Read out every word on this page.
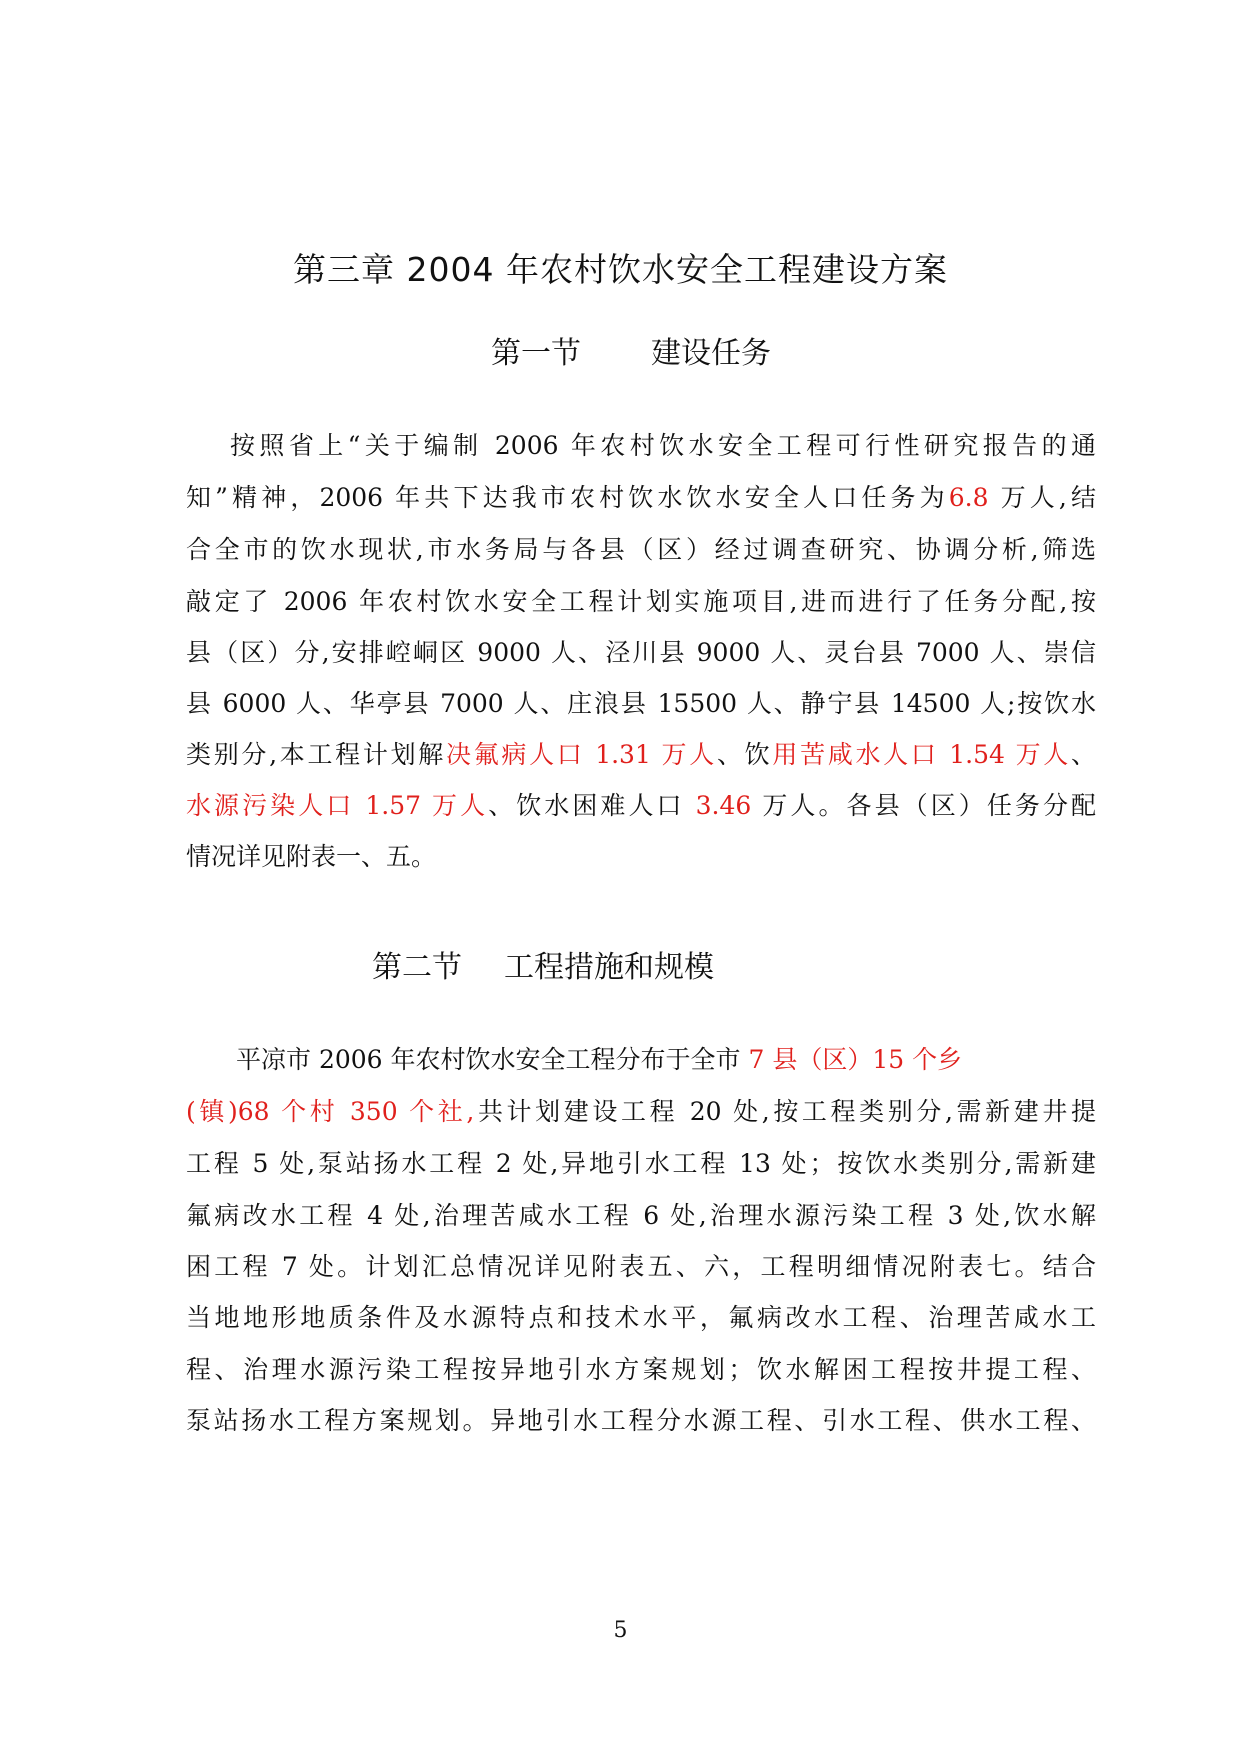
第三章 2004 年农村饮水安全工程建设方案
第一节 建设任务
按照省上“关于编制 2006 年农村饮水安全工程可行性研究报告的通
知”精神，2006 年共下达我市农村饮水饮水安全人口任务为6.8 万人,结
合全市的饮水现状,市水务局与各县（区）经过调查研究、协调分析,筛选
敲定了 2006 年农村饮水安全工程计划实施项目,进而进行了任务分配,按
县（区）分,安排崆峒区 9000 人、泾川县 9000 人、灵台县 7000 人、崇信
县 6000 人、华亭县 7000 人、庄浪县 15500 人、静宁县 14500 人;按饮水
类别分,本工程计划解决氟病人口 1.31 万人、饮用苦咸水人口 1.54 万人、
水源污染人口 1.57 万人、饮水困难人口 3.46 万人。各县（区）任务分配
情况详见附表一、五。
第二节 工程措施和规模
平凉市 2006 年农村饮水安全工程分布于全市 7 县（区）15 个乡
(镇)68 个村 350 个社,共计划建设工程 20 处,按工程类别分,需新建井提
工程 5 处,泵站扬水工程 2 处,异地引水工程 13 处；按饮水类别分,需新建
氟病改水工程 4 处,治理苦咸水工程 6 处,治理水源污染工程 3 处,饮水解
困工程 7 处。计划汇总情况详见附表五、六，工程明细情况附表七。结合
当地地形地质条件及水源特点和技术水平，氟病改水工程、治理苦咸水工
程、治理水源污染工程按异地引水方案规划；饮水解困工程按井提工程、
泵站扬水工程方案规划。异地引水工程分水源工程、引水工程、供水工程、
5
